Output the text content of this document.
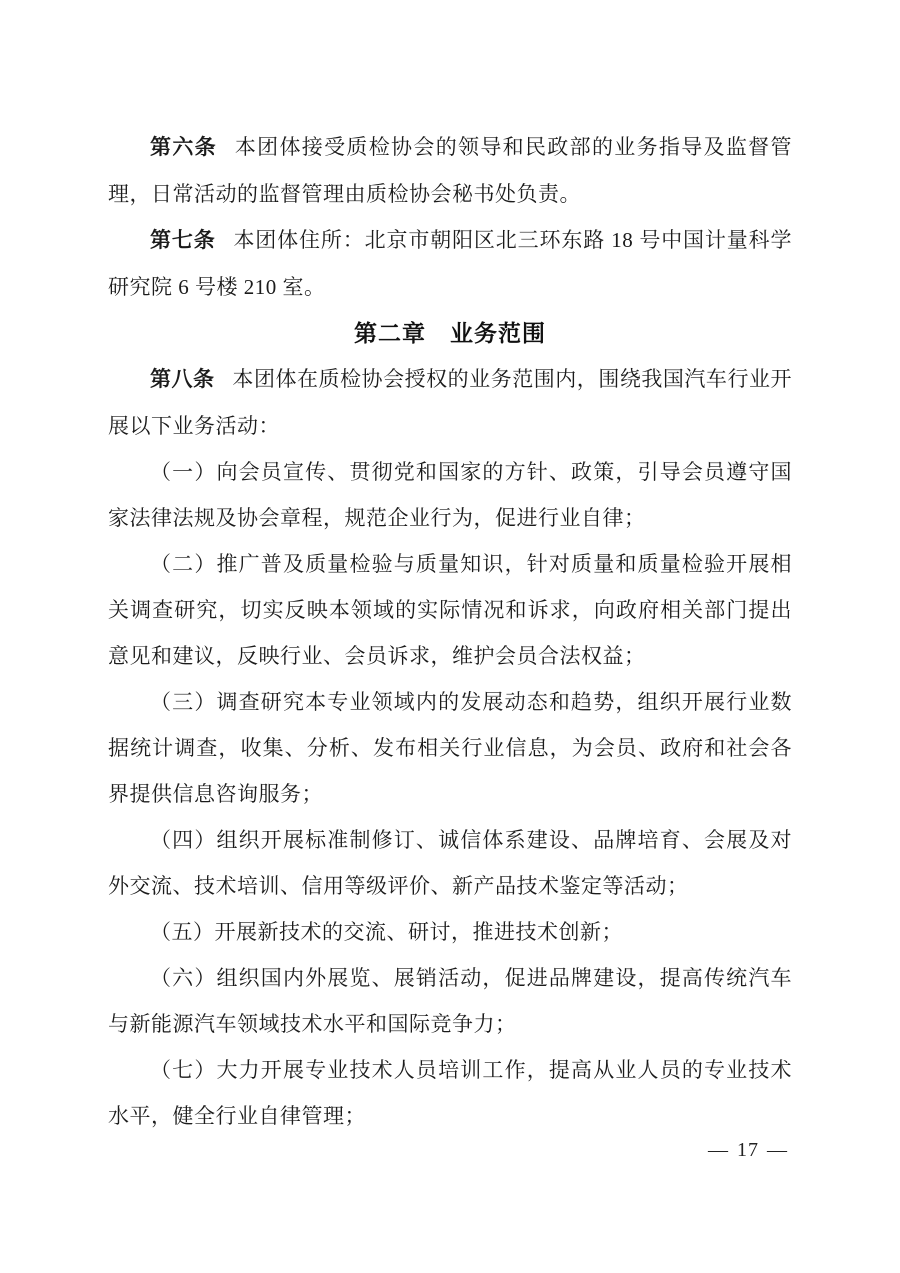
第六条 本团体接受质检协会的领导和民政部的业务指导及监督管理，日常活动的监督管理由质检协会秘书处负责。

第七条 本团体住所：北京市朝阳区北三环东路 18 号中国计量科学研究院 6 号楼 210 室。

第二章　业务范围

第八条 本团体在质检协会授权的业务范围内，围绕我国汽车行业开展以下业务活动：

（一）向会员宣传、贯彻党和国家的方针、政策，引导会员遵守国家法律法规及协会章程，规范企业行为，促进行业自律；

（二）推广普及质量检验与质量知识，针对质量和质量检验开展相关调查研究，切实反映本领域的实际情况和诉求，向政府相关部门提出意见和建议，反映行业、会员诉求，维护会员合法权益；

（三）调查研究本专业领域内的发展动态和趋势，组织开展行业数据统计调查，收集、分析、发布相关行业信息，为会员、政府和社会各界提供信息咨询服务；

（四）组织开展标准制修订、诚信体系建设、品牌培育、会展及对外交流、技术培训、信用等级评价、新产品技术鉴定等活动；

（五）开展新技术的交流、研讨，推进技术创新；

（六）组织国内外展览、展销活动，促进品牌建设，提高传统汽车与新能源汽车领域技术水平和国际竞争力；

（七）大力开展专业技术人员培训工作，提高从业人员的专业技术水平，健全行业自律管理；

— 17 —
